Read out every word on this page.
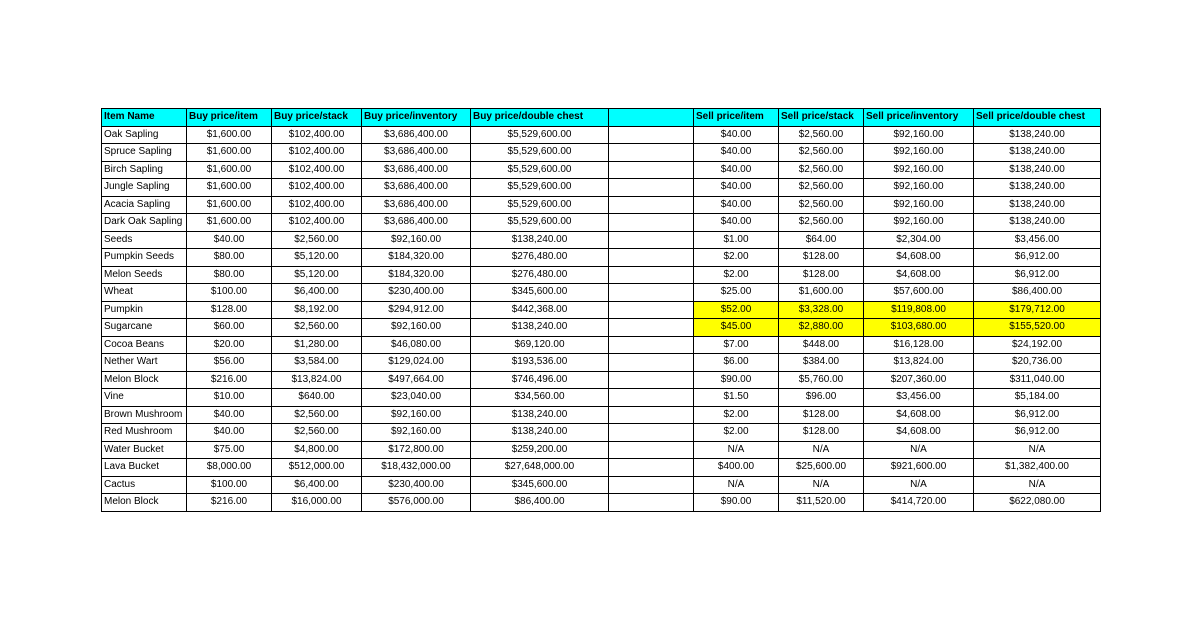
Item Name	Buy price/item	Buy price/stack	Buy price/inventory	Buy price/double chest		Sell price/item	Sell price/stack	Sell price/inventory	Sell price/double chest
Oak Sapling	$1,600.00	$102,400.00	$3,686,400.00	$5,529,600.00		$40.00	$2,560.00	$92,160.00	$138,240.00
Spruce Sapling	$1,600.00	$102,400.00	$3,686,400.00	$5,529,600.00		$40.00	$2,560.00	$92,160.00	$138,240.00
Birch Sapling	$1,600.00	$102,400.00	$3,686,400.00	$5,529,600.00		$40.00	$2,560.00	$92,160.00	$138,240.00
Jungle Sapling	$1,600.00	$102,400.00	$3,686,400.00	$5,529,600.00		$40.00	$2,560.00	$92,160.00	$138,240.00
Acacia Sapling	$1,600.00	$102,400.00	$3,686,400.00	$5,529,600.00		$40.00	$2,560.00	$92,160.00	$138,240.00
Dark Oak Sapling	$1,600.00	$102,400.00	$3,686,400.00	$5,529,600.00		$40.00	$2,560.00	$92,160.00	$138,240.00
Seeds	$40.00	$2,560.00	$92,160.00	$138,240.00		$1.00	$64.00	$2,304.00	$3,456.00
Pumpkin Seeds	$80.00	$5,120.00	$184,320.00	$276,480.00		$2.00	$128.00	$4,608.00	$6,912.00
Melon Seeds	$80.00	$5,120.00	$184,320.00	$276,480.00		$2.00	$128.00	$4,608.00	$6,912.00
Wheat	$100.00	$6,400.00	$230,400.00	$345,600.00		$25.00	$1,600.00	$57,600.00	$86,400.00
Pumpkin	$128.00	$8,192.00	$294,912.00	$442,368.00		$52.00	$3,328.00	$119,808.00	$179,712.00
Sugarcane	$60.00	$2,560.00	$92,160.00	$138,240.00		$45.00	$2,880.00	$103,680.00	$155,520.00
Cocoa Beans	$20.00	$1,280.00	$46,080.00	$69,120.00		$7.00	$448.00	$16,128.00	$24,192.00
Nether Wart	$56.00	$3,584.00	$129,024.00	$193,536.00		$6.00	$384.00	$13,824.00	$20,736.00
Melon Block	$216.00	$13,824.00	$497,664.00	$746,496.00		$90.00	$5,760.00	$207,360.00	$311,040.00
Vine	$10.00	$640.00	$23,040.00	$34,560.00		$1.50	$96.00	$3,456.00	$5,184.00
Brown Mushroom	$40.00	$2,560.00	$92,160.00	$138,240.00		$2.00	$128.00	$4,608.00	$6,912.00
Red Mushroom	$40.00	$2,560.00	$92,160.00	$138,240.00		$2.00	$128.00	$4,608.00	$6,912.00
Water Bucket	$75.00	$4,800.00	$172,800.00	$259,200.00		N/A	N/A	N/A	N/A
Lava Bucket	$8,000.00	$512,000.00	$18,432,000.00	$27,648,000.00		$400.00	$25,600.00	$921,600.00	$1,382,400.00
Cactus	$100.00	$6,400.00	$230,400.00	$345,600.00		N/A	N/A	N/A	N/A
Melon Block	$216.00	$16,000.00	$576,000.00	$86,400.00		$90.00	$11,520.00	$414,720.00	$622,080.00
